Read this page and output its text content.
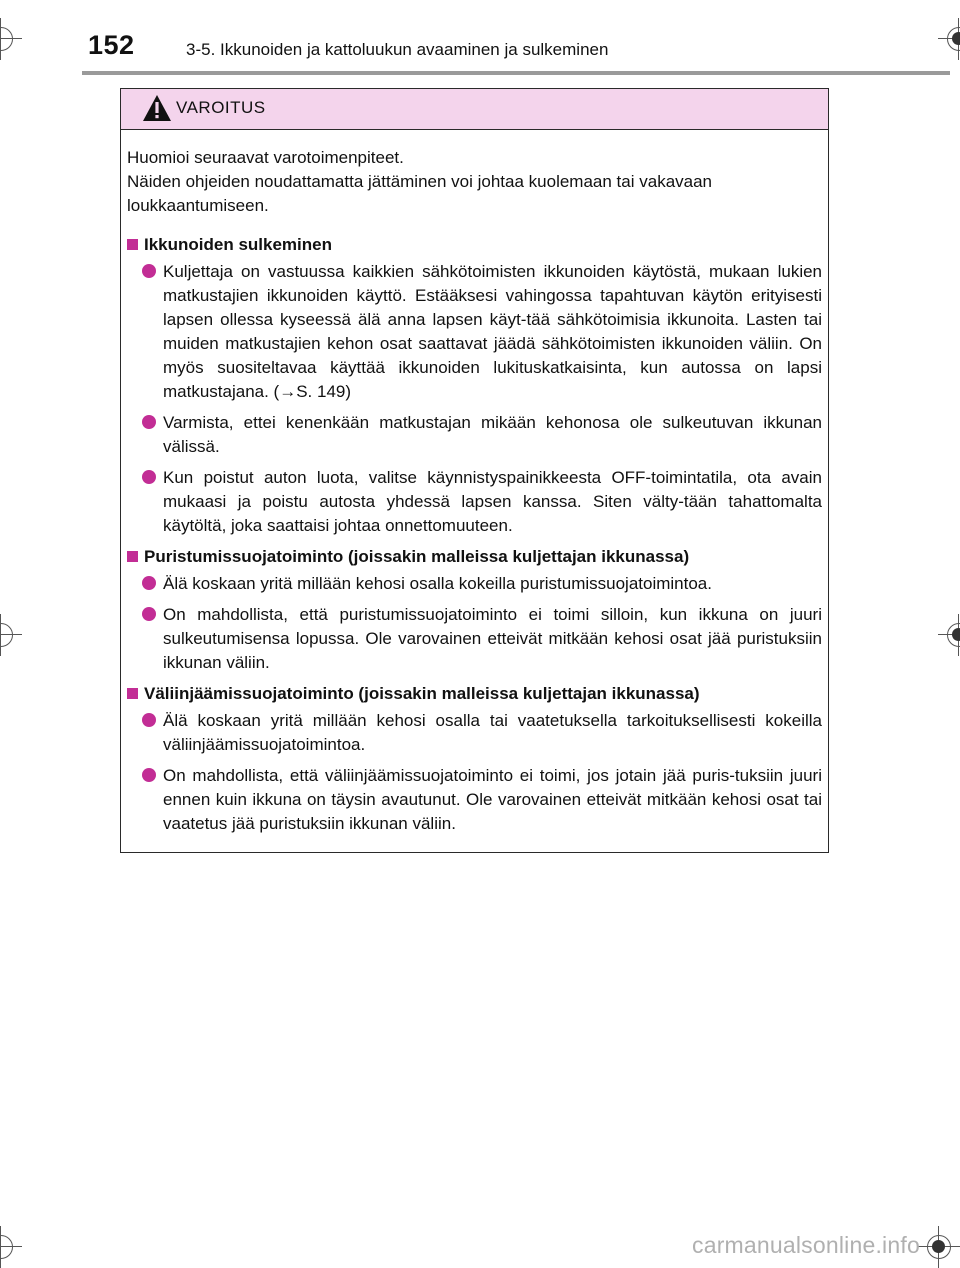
152	3-5. Ikkunoiden ja kattoluukun avaaminen ja sulkeminen
VAROITUS

Huomioi seuraavat varotoimenpiteet.

Näiden ohjeiden noudattamatta jättäminen voi johtaa kuolemaan tai vakavaan loukkaantumiseen.

Ikkunoiden sulkeminen
Kuljettaja on vastuussa kaikkien sähkötoimisten ikkunoiden käytöstä, mukaan lukien matkustajien ikkunoiden käyttö. Estääksesi vahingossa tapahtuvan käytön erityisesti lapsen ollessa kyseessä älä anna lapsen käyt-tää sähkötoimisia ikkunoita. Lasten tai muiden matkustajien kehon osat saattavat jäädä sähkötoimisten ikkunoiden väliin. On myös suositeltavaa käyttää ikkunoiden lukituskatkaisinta, kun autossa on lapsi matkustajana. (→S. 149)
Varmista, ettei kenenkään matkustajan mikään kehonosa ole sulkeutuvan ikkunan välissä.
Kun poistut auton luota, valitse käynnistyspainikkeesta OFF-toimintatila, ota avain mukaasi ja poistu autosta yhdessä lapsen kanssa. Siten välty-tään tahattomalta käytöltä, joka saattaisi johtaa onnettomuuteen.
Puristumissuojatoiminto (joissakin malleissa kuljettajan ikkunassa)
Älä koskaan yritä millään kehosi osalla kokeilla puristumissuojatoimintoa.
On mahdollista, että puristumissuojatoiminto ei toimi silloin, kun ikkuna on juuri sulkeutumisensa lopussa. Ole varovainen etteivät mitkään kehosi osat jää puristuksiin ikkunan väliin.
Väliinjäämissuojatoiminto (joissakin malleissa kuljettajan ikkunassa)
Älä koskaan yritä millään kehosi osalla tai vaatetuksella tarkoituksellisesti kokeilla väliinjäämissuojatoimintoa.
On mahdollista, että väliinjäämissuojatoiminto ei toimi, jos jotain jää puris-tuksiin juuri ennen kuin ikkuna on täysin avautunut. Ole varovainen etteivät mitkään kehosi osat tai vaatetus jää puristuksiin ikkunan väliin.
carmanualsonline.info
